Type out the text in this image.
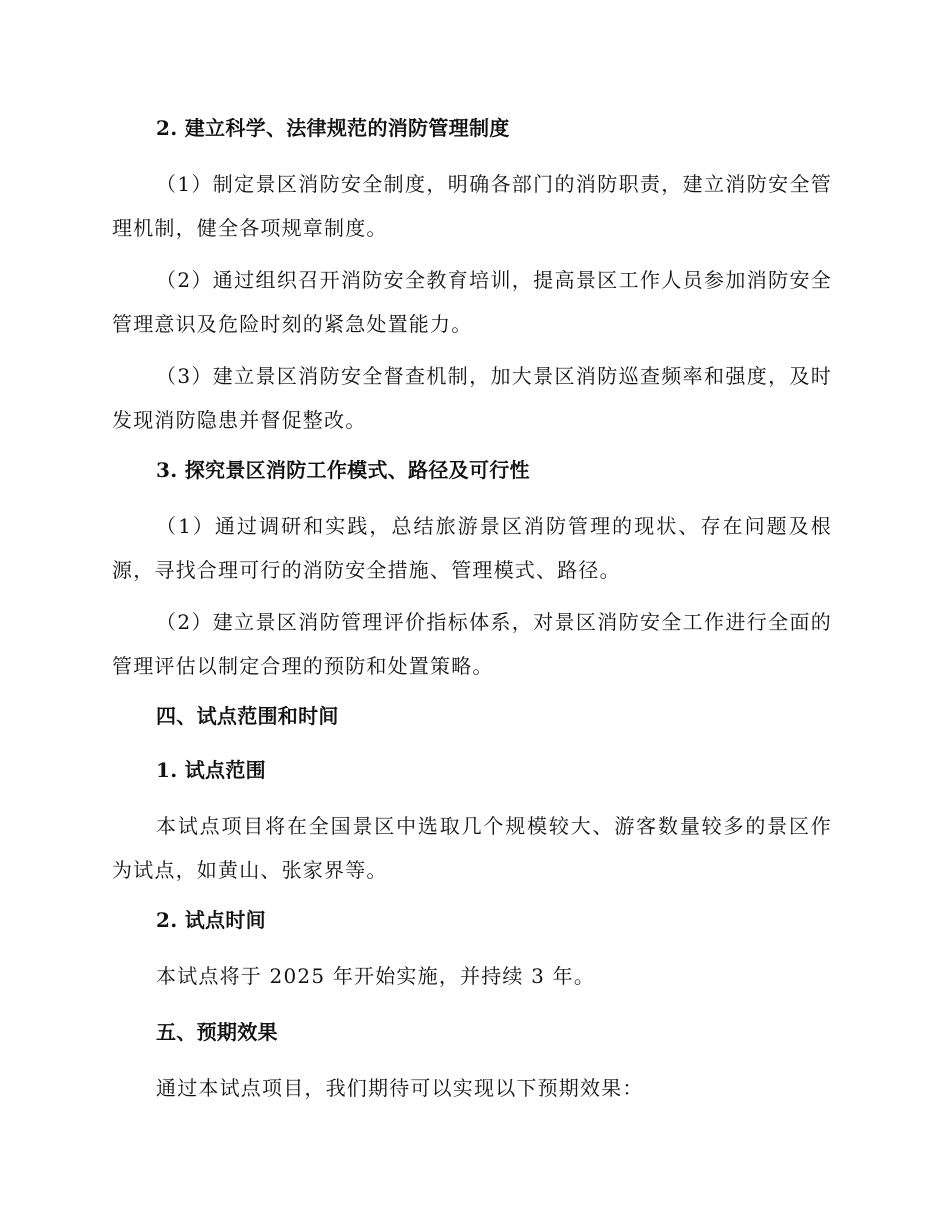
2. 建立科学、法律规范的消防管理制度
（1）制定景区消防安全制度，明确各部门的消防职责，建立消防安全管理机制，健全各项规章制度。
（2）通过组织召开消防安全教育培训，提高景区工作人员参加消防安全管理意识及危险时刻的紧急处置能力。
（3）建立景区消防安全督查机制，加大景区消防巡查频率和强度，及时发现消防隐患并督促整改。
3. 探究景区消防工作模式、路径及可行性
（1）通过调研和实践，总结旅游景区消防管理的现状、存在问题及根源，寻找合理可行的消防安全措施、管理模式、路径。
（2）建立景区消防管理评价指标体系，对景区消防安全工作进行全面的管理评估以制定合理的预防和处置策略。
四、试点范围和时间
1. 试点范围
本试点项目将在全国景区中选取几个规模较大、游客数量较多的景区作为试点，如黄山、张家界等。
2. 试点时间
本试点将于 2025 年开始实施，并持续 3 年。
五、预期效果
通过本试点项目，我们期待可以实现以下预期效果：
